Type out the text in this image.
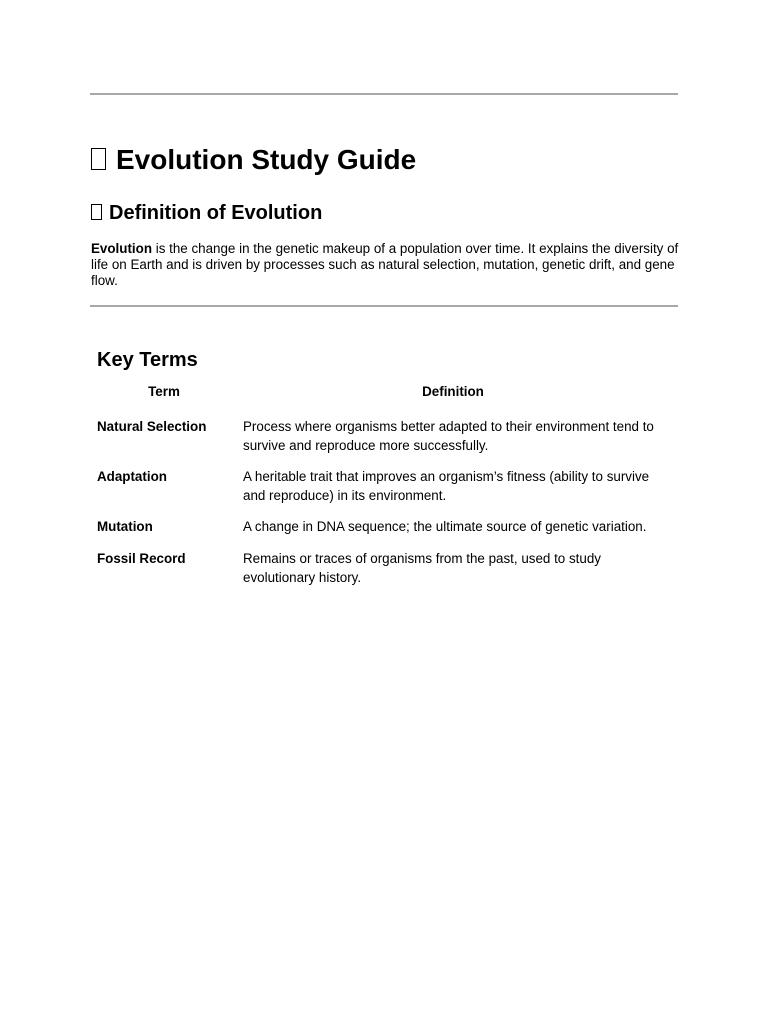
Evolution Study Guide
Definition of Evolution
Evolution is the change in the genetic makeup of a population over time. It explains the diversity of life on Earth and is driven by processes such as natural selection, mutation, genetic drift, and gene flow.
Key Terms
Term	Definition
Natural Selection	Process where organisms better adapted to their environment tend to survive and reproduce more successfully.
Adaptation	A heritable trait that improves an organism’s fitness (ability to survive and reproduce) in its environment.
Mutation	A change in DNA sequence; the ultimate source of genetic variation.
Fossil Record	Remains or traces of organisms from the past, used to study evolutionary history.
